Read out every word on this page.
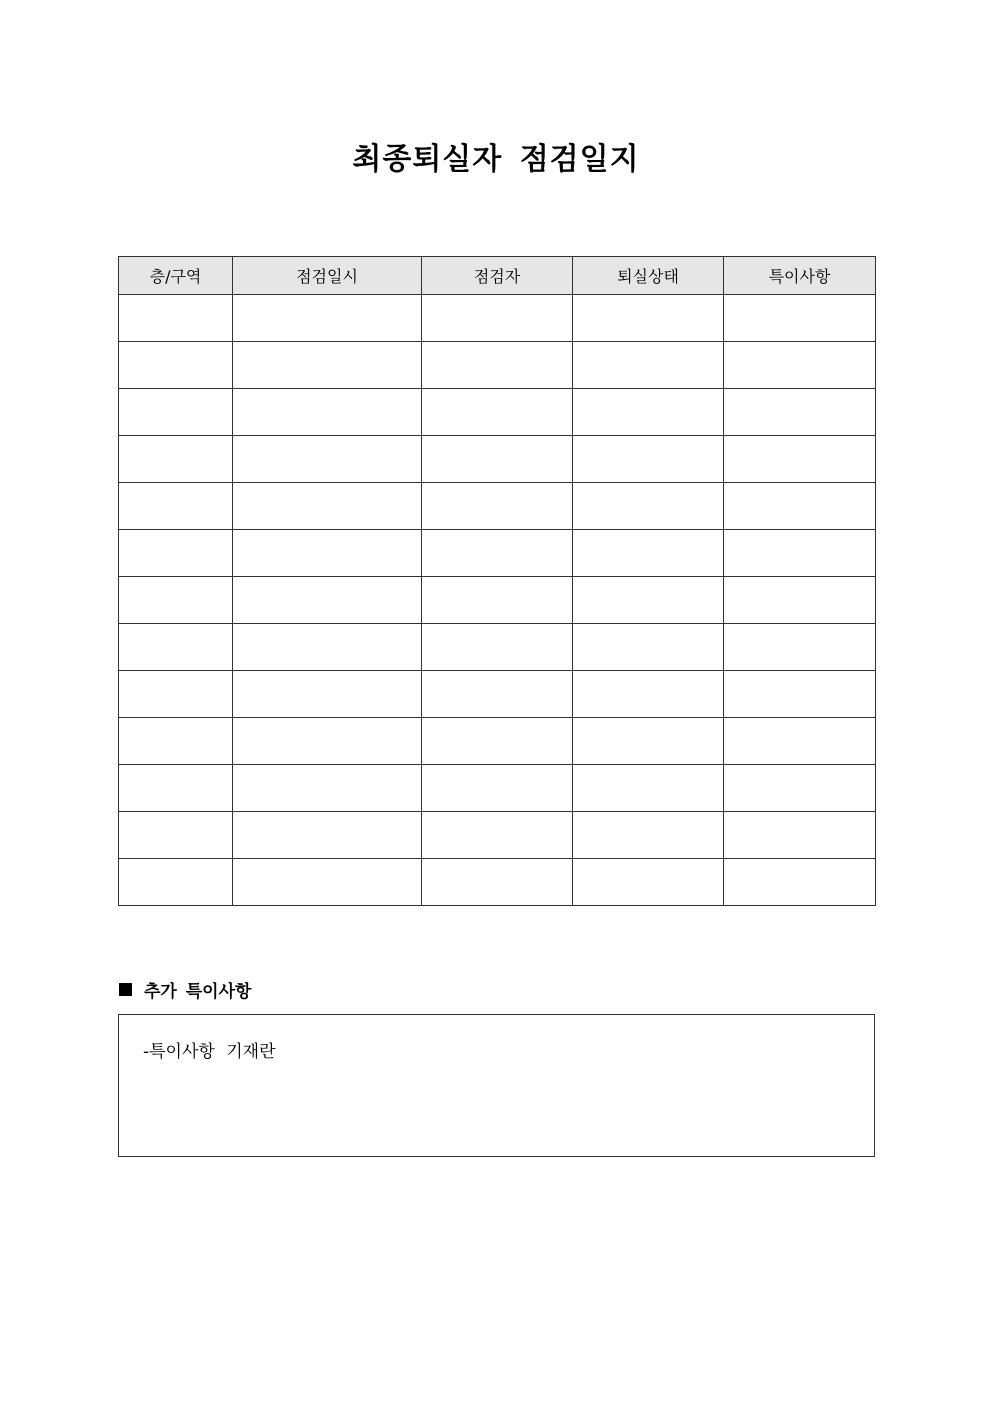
최종퇴실자 점검일지
층/구역	점검일시	점검자	퇴실상태	특이사항

추가 특이사항
-특이사항 기재란
